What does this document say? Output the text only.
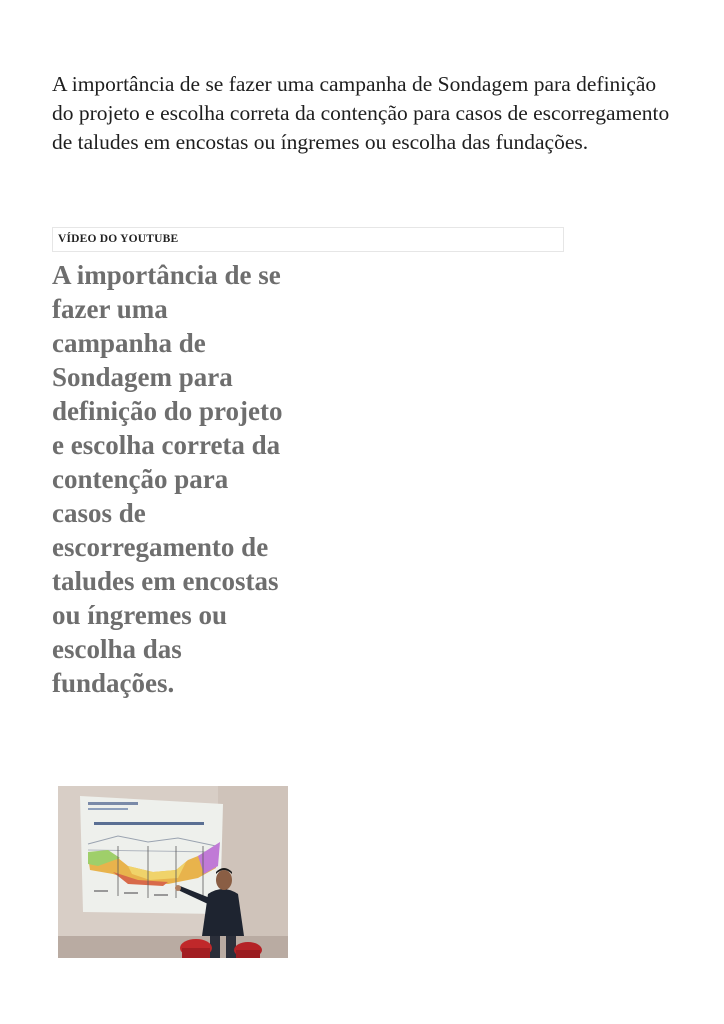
A importância de se fazer uma campanha de Sondagem para definição do projeto e escolha correta da contenção para casos de escorregamento de taludes em encostas ou íngremes ou escolha das fundações.

VÍDEO DO YOUTUBE
A importância de se fazer uma campanha de Sondagem para definição do projeto e escolha correta da contenção para casos de escorregamento de taludes em encostas ou íngremes ou escolha das fundações.
